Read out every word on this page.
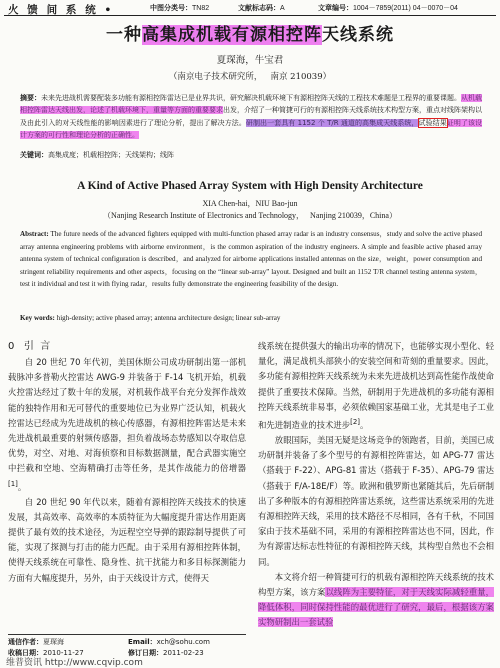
火  馈  间  系  统  •	中图分类号：TN82	文献标志码：A	文章编号：1004－7859(2011) 04－0070－04
一种高集成机载有源相控阵天线系统
夏琛海，牛宝君
（南京电子技术研究所，   南京 210039）
摘要：未来先进战机需要配装多功能有源相控阵雷达已是业界共识，研究解决机载环境下有源相控阵天线的工程技术难题是工程界的重要课题。从机载相控阵雷达天线出发，论述了机载环境下，重量等方面的重要要求出发，介绍了一种简捷可行的有源相控阵天线系统技术构型方案，重点对线阵架构以及由此引入的对天线性能的影响因素进行了理论分析，提出了解决方法。研制出一套具有 1152 个 T/R 通道的高集成天线系统，试验结果证明了该设计方案的可行性和理论分析的正确性。
关键词：高集成度；机载相控阵；天线架构；线阵
A Kind of Active Phased Array System with High Density Architecture
XIA Chen-hai，NIU Bao-jun
（Nanjing Research Institute of Electronics and Technology，   Nanjing 210039，China）
Abstract: The future needs of the advanced fighters equipped with multi-function phased array radar is an industry consensus，study and solve the active phased array antenna engineering problems with airborne environment，is the common aspiration of the industry engineers. A simple and feasible active phased array antenna system of technical configuration is described，and analyzed for airborne applications installed antennas on the size，weight，power consumption and stringent reliability requirements and other aspects，focusing on the “linear sub-array” layout. Designed and built an 1152 T/R channel testing antenna system，test it individual and test it with flying radar，results fully demonstrate the engineering feasibility of the design.
Key words: high-density; active phased array; antenna architecture design; linear sub-array
0 引  言

自 20 世纪 70 年代初，美国休斯公司成功研制出第一部机载脉冲多普勒火控雷达 AWG-9 并装备于 F-14 飞机开始，机载火控雷达经过了数十年的发展，对机载作战平台充分发挥作战效能的独特作用和无可替代的重要地位已为业界广泛认知，机载火控雷达已经成为先进战机的核心传感器，有源相控阵雷达是未来先进战机最重要的射频传感器，担负着战场态势感知以夺取信息优势，对空、对地、对海侦察和目标数据测量，配合武器实施空中拦截和空地、空海精确打击等任务，是其作战能力的倍增器[1]。

自 20 世纪 90 年代以来，随着有源相控阵天线技术的快速发展，其高效率、高效率的本质特征为大幅度提升雷达作用距离提供了最有效的技术途径，为远程空空导弹的跟踪制导提供了可能，实现了探测与打击的能力匹配。由于采用有源相控阵体制，使得天线系统在可靠性、隐身性、抗干扰能力和多目标探测能力方面有大幅度提升，另外，由于天线设计方式，使得天

线系统在提供强大的输出功率的情况下，也能够实现小型化、轻量化，满足战机头部狭小的安装空间和苛刻的重量要求。因此，多功能有源相控阵天线系统为未来先进战机达到高性能作战使命提供了重要技术保障。当然，研制用于先进战机的多功能有源相控阵天线系统非易事，必须依赖国家基础工业，尤其是电子工业和先进制造业的技术进步[2]。

放眼国际，美国无疑是这场竞争的领跑者，目前，美国已成功研制并装备了多个型号的有源相控阵雷达，如 APG-77 雷达（搭载于 F-22）、APG-81 雷达（搭载于 F-35）、APG-79 雷达（搭载于 F/A-18E/F）等。欧洲和俄罗斯也紧随其后，先后研制出了多种版本的有源相控阵雷达系统，这些雷达系统采用的先进有源相控阵天线，采用的技术路径不尽相同，各有千秋，不同国家由于技术基础不同，采用的有源相控阵雷达也不同，因此，作为有源雷达标志性特征的有源相控阵天线，其构型自然也不会相同。

本文将介绍一种简捷可行的机载有源相控阵天线系统的技术构型方案，该方案以线阵为主要特征，对于天线实际减轻重量，降低体积，同时保持性能的最优进行了研究，最后，根据该方案实物研制出一套试验

通信作者：夏琛海	Email：xch@sohu.com
收稿日期：2010-11-27	修订日期：2011-02-23
维普资讯 http://www.cqvip.com
